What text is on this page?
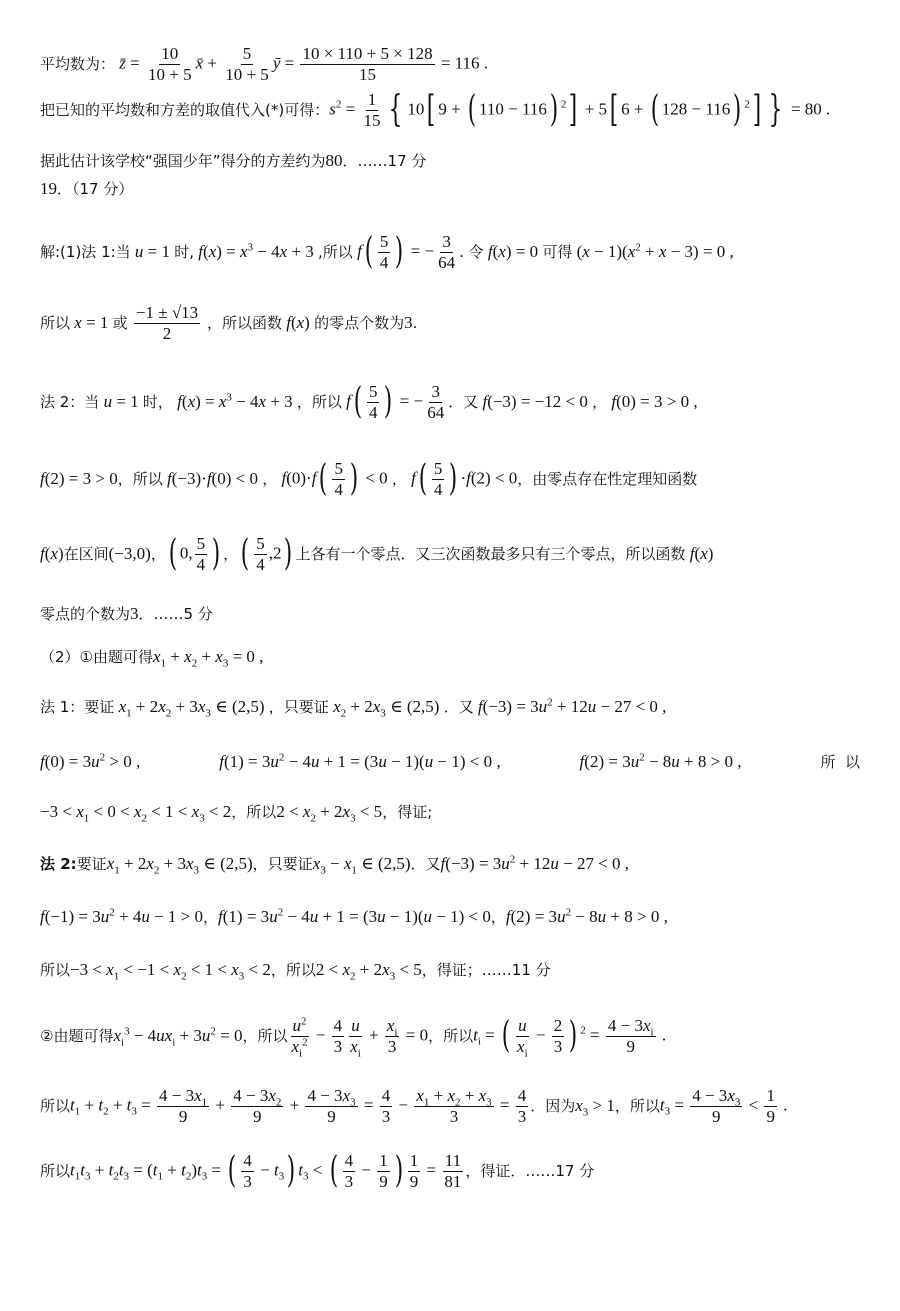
平均数为： z̄ = $\frac{10}{10 + 5}$ x̄ + $\frac{5}{10 + 5}$ ȳ = $\frac{10 \times 110 + 5 \times 128}{15} = 116$ .
把已知的平均数和方差的取值代入(*)可得： $s^2 = \frac{1}{15}$ { 10[ 9 + ( 110 − 116) $^2$] + 5[ 6 + ( 128 − 116) $^2$] } = 80 .
据此估计该学校“强国少年”得分的方差约为 80 ．……17 分
19 ．（17 分）
解:(1)法 1:当 u = 1 时, $f(x) = x^3 - 4x + 3$ ,所以 $f( \frac{5}{4}$ ) = − $\frac{3}{64}$ . 令 f(x) = 0 可得 $(x - 1)(x^2 + x - 3) = 0$ ,
所以 x = 1 或
$\frac{-1 \pm √13}{2}$ ，所以函数 f(x) 的零点个数为 3 .
法 2：当 u = 1 时， $f(x) = x^3 - 4x + 3$ ，所以 $f( \frac{5}{4}$ ) = − $\frac{3}{64}$ ．又 f(−3) = −12 < 0 ， f(0) = 3 > 0 ,
f(2) = 3 > 0 ，所以 f(−3)·f(0) < 0 ， $f(0)\cdot f( \frac{5}{4}$ ) < 0 ， $f( \frac{5}{4}$ ) ·f(2) < 0 ，由零点存在性定理知函数
f(x) 在区间 (−3,0) ， ( 0, $\frac{5}{4}$ ) ， ( $\frac{5}{4} ,2$) 上各有一个零点．又三次函数最多只有三个零点，所以函数 f(x)
零点的个数为 3 ．……5 分
（2）①由题可得 $x_1 + x_2 + x_3 = 0$ ,
法 1：要证 $x_1 + 2x_2 + 3x_3$ ∈ (2,5) ，只要证 $x_2 + 2x_3$ ∈ (2,5) ．又 $f(-3) = 3u^2 + 12u - 27 < 0$ ,
$f(0) = 3u^2 > 0$ ,	$f(1) = 3u^2 - 4u + 1 = (3u - 1)(u - 1) < 0$ ,	$f(2) = 3u^2 - 8u + 8 > 0$ ,	所  以
$-3 < x_1 < 0 < x_2 < 1 < x_3 < 2$ ，所以 $2 < x_2 + 2x_3 < 5$ ，得证;
法 2: 要证 $x_1 + 2x_2 + 3x_3$ ∈ (2,5) ，只要证 $x_3 - x_1$ ∈ (2,5) ．又 $f(-3) = 3u^2 + 12u - 27 < 0$ ,
$f(-1) = 3u^2 + 4u - 1 > 0$ ， $f(1) = 3u^2 - 4u + 1 = (3u - 1)(u - 1) < 0$ ， $f(2) = 3u^2 - 8u + 8 > 0$ ,
所以 $-3 < x_1 < -1 < x_2 < 1 < x_3 < 2$ ，所以 $2 < x_2 + 2x_3 < 5$ ，得证；……11 分
②由题可得 $x_i^3 - 4ux_i + 3u^2 = 0$ ，所以 $\frac{u^2}{x_i^2} - \frac{4}{3} \frac{u}{x_i} + \frac{x_i}{3} = 0$ ，所以 $t_i$ = ( $\frac{u}{x_i} - \frac{2}{3}$ ) $^2 = \frac{4 - 3x_i}{9}$ .
所以 $t_1 + t_2 + t_3 = \frac{4 - 3x_1}{9} + \frac{4 - 3x_2}{9} + \frac{4 - 3x_3}{9} = \frac{4}{3} - \frac{x_1 + x_2 + x_3}{3} = \frac{4}{3}$ ．因为 $x_3 > 1$ ，所以 $t_3 = \frac{4 - 3x_3}{9} < \frac{1}{9}$ .
所以 $t_1t_3 + t_2t_3 = (t_1 + t_2)t_3$ = ( $\frac{4}{3} - t_3$) $t_3$ < ( $\frac{4}{3} - \frac{1}{9}$ ) $\frac{1}{9} = \frac{11}{81}$ ，得证．……17 分
